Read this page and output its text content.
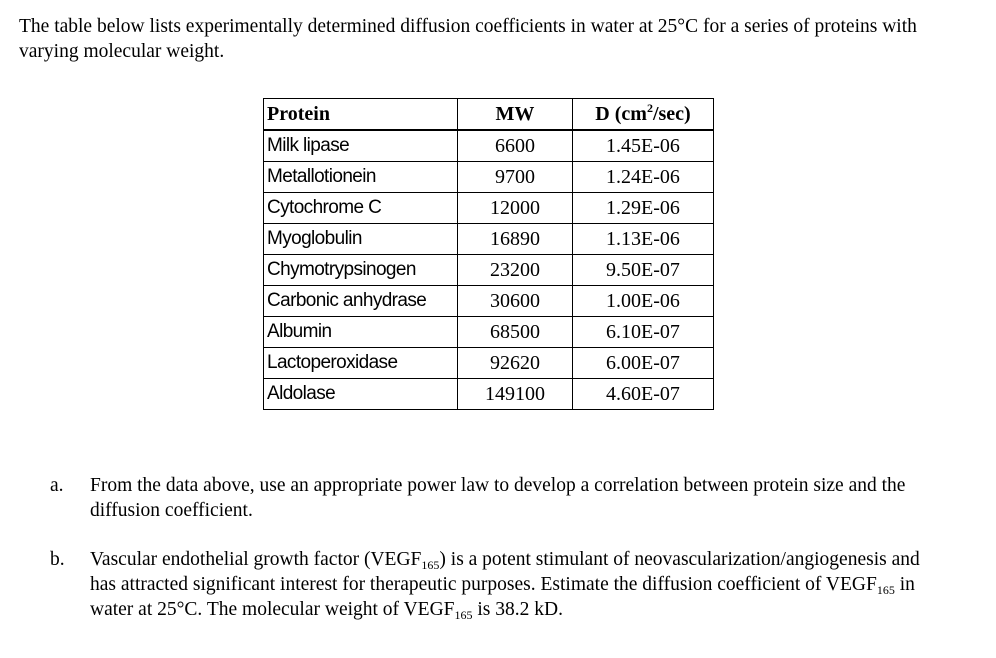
The table below lists experimentally determined diffusion coefficients in water at 25°C for a series of proteins with varying molecular weight.
Protein	MW	D $(cm^2/\sec)$
Milk lipase	6600	1.45E-06
Metallotionein	9700	1.24E-06
Cytochrome C	12000	1.29E-06
Myoglobulin	16890	1.13E-06
Chymotrypsinogen	23200	9.50E-07
Carbonic anhydrase	30600	1.00E-06
Albumin	68500	6.10E-07
Lactoperoxidase	92620	6.00E-07
Aldolase	149100	4.60E-07
a. From the data above, use an appropriate power law to develop a correlation between protein size and the diffusion coefficient.
b. Vascular endothelial growth factor $(VEGF_{165})$ is a potent stimulant of neovascularization/angiogenesis and has attracted significant interest for therapeutic purposes. Estimate the diffusion coefficient of $VEGF_{165}$ in water at 25°C. The molecular weight of $VEGF_{165}$ is 38.2 kD.
